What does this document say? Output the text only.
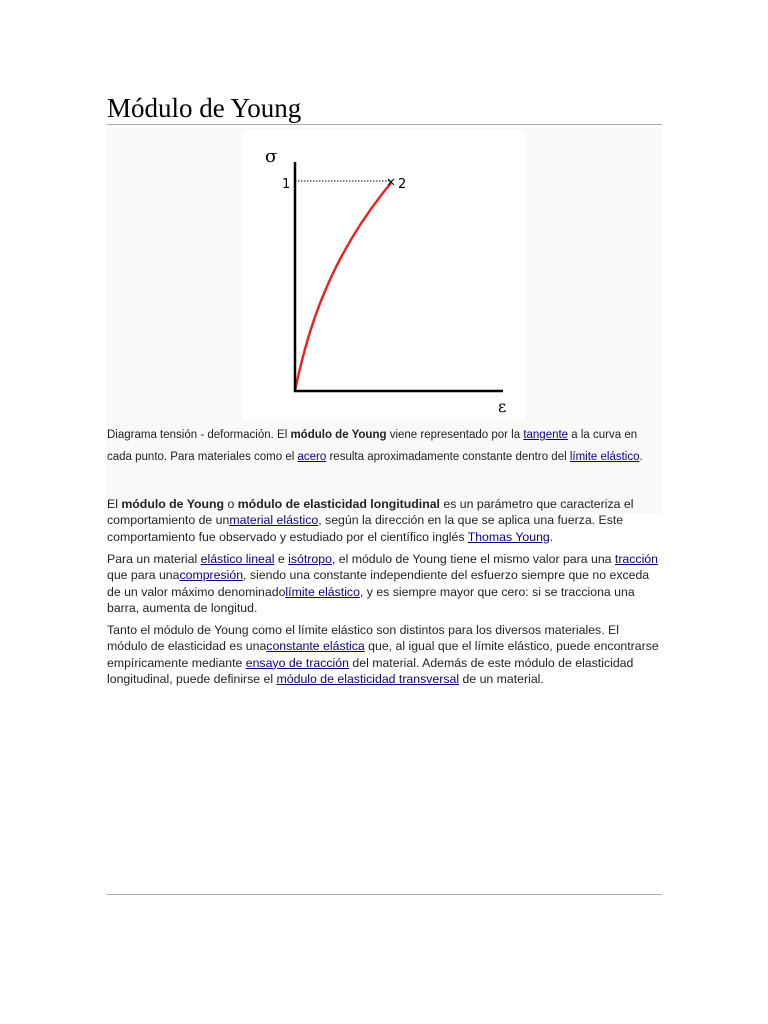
Módulo de Young
σ
1	2
ε
Diagrama tensión - deformación. El módulo de Young viene representado por la tangente a la curva en cada punto. Para materiales como el acero resulta aproximadamente constante dentro del límite elástico.
El módulo de Young o módulo de elasticidad longitudinal es un parámetro que caracteriza el comportamiento de unmaterial elástico, según la dirección en la que se aplica una fuerza. Este comportamiento fue observado y estudiado por el científico inglés Thomas Young.
Para un material elástico lineal e isótropo, el módulo de Young tiene el mismo valor para una tracción que para unacompresión, siendo una constante independiente del esfuerzo siempre que no exceda de un valor máximo denominadolímite elástico, y es siempre mayor que cero: si se tracciona una barra, aumenta de longitud.
Tanto el módulo de Young como el límite elástico son distintos para los diversos materiales. El módulo de elasticidad es unaconstante elástica que, al igual que el límite elástico, puede encontrarse empíricamente mediante ensayo de tracción del material. Además de este módulo de elasticidad longitudinal, puede definirse el módulo de elasticidad transversal de un material.
